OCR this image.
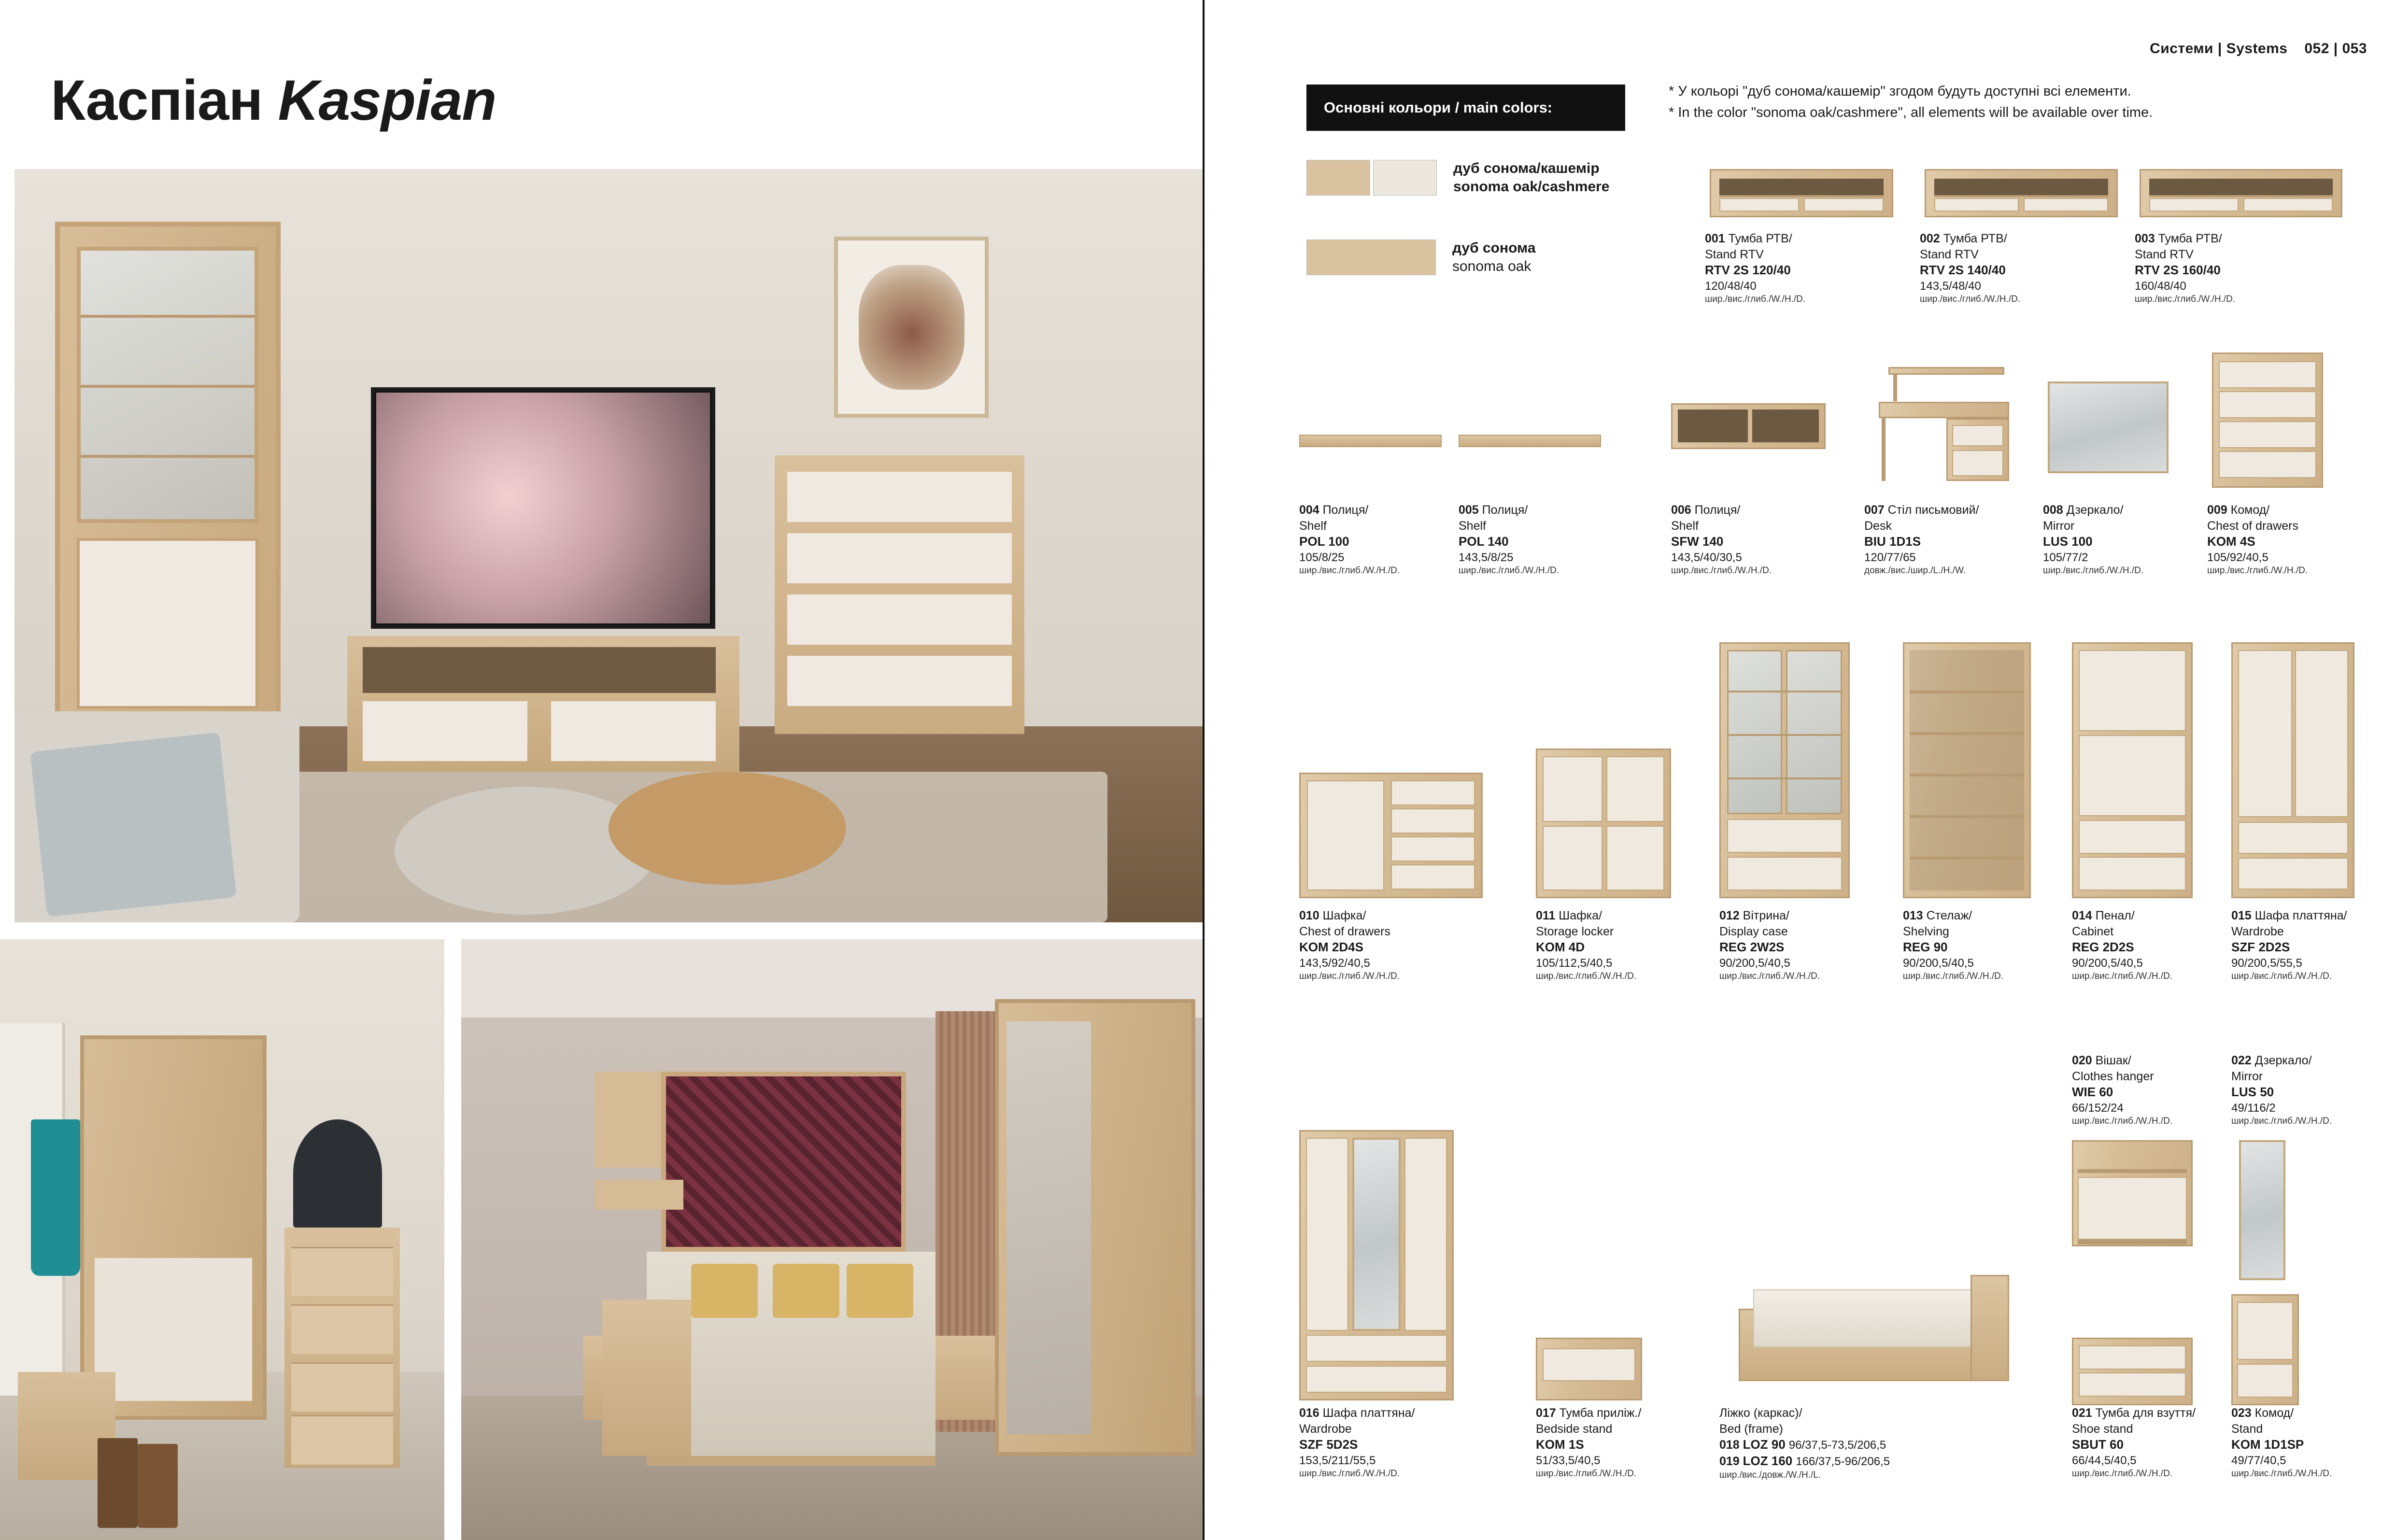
Каспіан Kaspian
Системи | Systems 052 | 053
Основні кольори / main colors:
дуб сонома/кашемір
sonoma oak/cashmere
дуб сонома
sonoma oak
* У кольорі "дуб сонома/кашемір" згодом будуть доступні всі елементи.
* In the color "sonoma oak/cashmere", all elements will be available over time.
001 Тумба РТВ/
Stand RTV
RTV 2S 120/40
120/48/40
шир./вис./глиб./W./H./D.
002 Тумба РТВ/
Stand RTV
RTV 2S 140/40
143,5/48/40
шир./вис./глиб./W./H./D.
003 Тумба РТВ/
Stand RTV
RTV 2S 160/40
160/48/40
шир./вис./глиб./W./H./D.
004 Полиця/
Shelf
POL 100
105/8/25
шир./вис./глиб./W./H./D.
005 Полиця/
Shelf
POL 140
143,5/8/25
шир./вис./глиб./W./H./D.
006 Полиця/
Shelf
SFW 140
143,5/40/30,5
шир./вис./глиб./W./H./D.
007 Стіл письмовий/
Desk
BIU 1D1S
120/77/65
довж./вис./шир./L./H./W.
008 Дзеркало/
Mirror
LUS 100
105/77/2
шир./вис./глиб./W./H./D.
009 Комод/
Chest of drawers
KOM 4S
105/92/40,5
шир./вис./глиб./W./H./D.
010 Шафка/
Chest of drawers
KOM 2D4S
143,5/92/40,5
шир./вис./глиб./W./H./D.
011 Шафка/
Storage locker
KOM 4D
105/112,5/40,5
шир./вис./глиб./W./H./D.
012 Вітрина/
Display case
REG 2W2S
90/200,5/40,5
шир./вис./глиб./W./H./D.
013 Стелаж/
Shelving
REG 90
90/200,5/40,5
шир./вис./глиб./W./H./D.
014 Пенал/
Cabinet
REG 2D2S
90/200,5/40,5
шир./вис./глиб./W./H./D.
015 Шафа платтяна/
Wardrobe
SZF 2D2S
90/200,5/55,5
шир./вис./глиб./W./H./D.
020 Вішак/
Clothes hanger
WIE 60
66/152/24
шир./вис./глиб./W./H./D.
022 Дзеркало/
Mirror
LUS 50
49/116/2
шир./вис./глиб./W./H./D.
016 Шафа платтяна/
Wardrobe
SZF 5D2S
153,5/211/55,5
шир./вис./глиб./W./H./D.
017 Тумба приліж./
Bedside stand
KOM 1S
51/33,5/40,5
шир./вис./глиб./W./H./D.
Ліжко (каркас)/
Bed (frame)
018 LOZ 90 96/37,5-73,5/206,5
019 LOZ 160 166/37,5-96/206,5
шир./вис./довж./W./H./L.
021 Тумба для взуття/
Shoe stand
SBUT 60
66/44,5/40,5
шир./вис./глиб./W./H./D.
023 Комод/
Stand
KOM 1D1SP
49/77/40,5
шир./вис./глиб./W./H./D.
